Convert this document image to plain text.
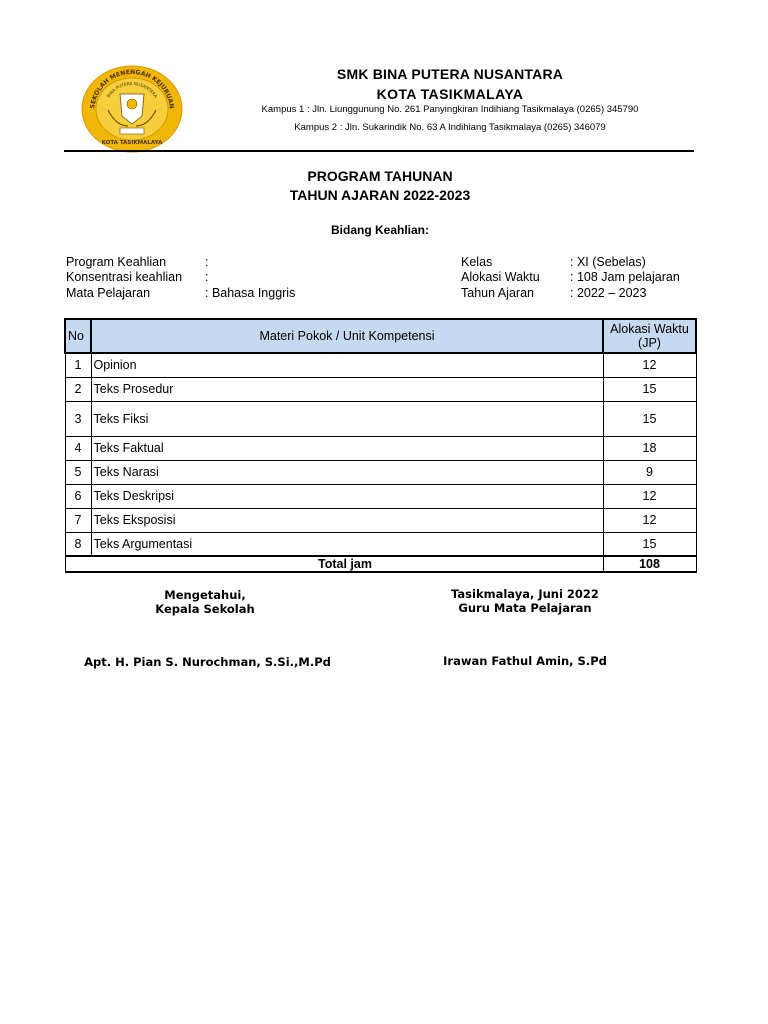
SEKOLAH MENENGAH KEJURUAN
BINA PUTERA NUSANTARA
KOTA TASIKMALAYA
SMK BINA PUTERA NUSANTARA
KOTA TASIKMALAYA
Kampus 1 : Jln. Liunggunung No. 261 Panyingkiran Indihiang Tasikmalaya (0265) 345790
Kampus 2 : Jln. Sukarindik No. 63 A Indihiang Tasikmalaya (0265) 346079
PROGRAM TAHUNAN
TAHUN AJARAN 2022-2023
Bidang Keahlian:
Program Keahlian	:
Konsentrasi keahlian :
Mata Pelajaran	: Bahasa Inggris
Kelas	: XI (Sebelas)
Alokasi Waktu : 108 Jam pelajaran
Tahun Ajaran	: 2022 – 2023
No	Materi Pokok / Unit Kompetensi	Alokasi Waktu (JP)
1	Opinion	12
2	Teks Prosedur	15
3	Teks Fiksi	15
4	Teks Faktual	18
5	Teks Narasi	9
6	Teks Deskripsi	12
7	Teks Eksposisi	12
8	Teks Argumentasi	15
Total jam		108
Mengetahui,
Kepala Sekolah
Apt. H. Pian S. Nurochman, S.Si.,M.Pd
Tasikmalaya, Juni 2022
Guru Mata Pelajaran
Irawan Fathul Amin, S.Pd
